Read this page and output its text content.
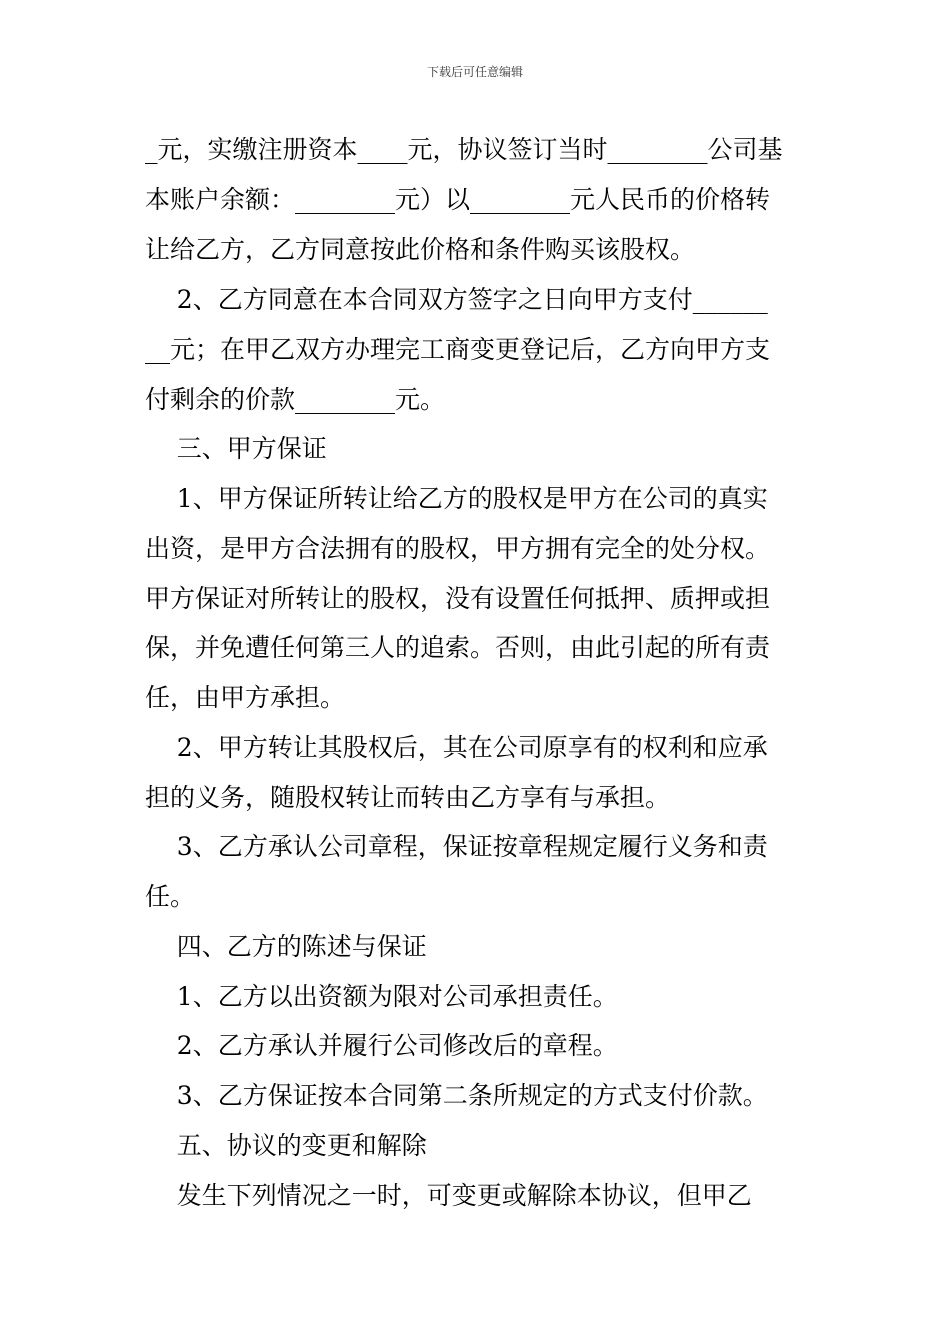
下载后可任意编辑
_元，实缴注册资本____元，协议签订当时________公司基
本账户余额：________元）以________元人民币的价格转
让给乙方，乙方同意按此价格和条件购买该股权。
2、乙方同意在本合同双方签字之日向甲方支付______
__元；在甲乙双方办理完工商变更登记后，乙方向甲方支
付剩余的价款________元。
三、甲方保证
1、甲方保证所转让给乙方的股权是甲方在公司的真实
出资，是甲方合法拥有的股权，甲方拥有完全的处分权。
甲方保证对所转让的股权，没有设置任何抵押、质押或担
保，并免遭任何第三人的追索。否则，由此引起的所有责
任，由甲方承担。
2、甲方转让其股权后，其在公司原享有的权利和应承
担的义务，随股权转让而转由乙方享有与承担。
3、乙方承认公司章程，保证按章程规定履行义务和责
任。
四、乙方的陈述与保证
1、乙方以出资额为限对公司承担责任。
2、乙方承认并履行公司修改后的章程。
3、乙方保证按本合同第二条所规定的方式支付价款。
五、协议的变更和解除
发生下列情况之一时，可变更或解除本协议，但甲乙
